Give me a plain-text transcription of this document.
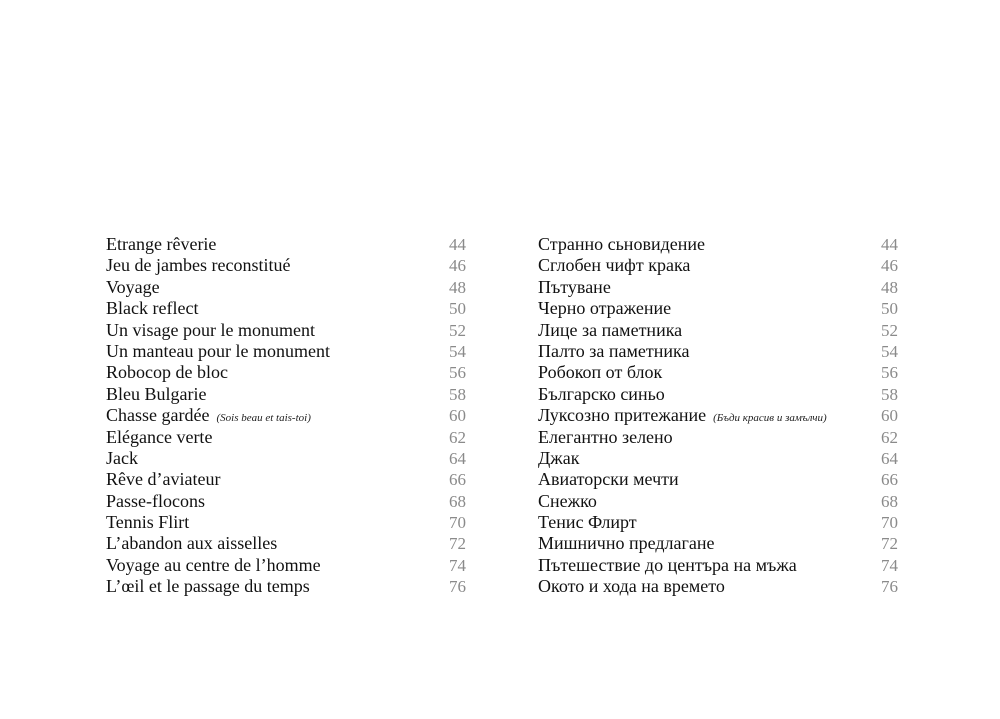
Etrange rêverie	44
Jeu de jambes reconstitué	46
Voyage	48
Black reflect	50
Un visage pour le monument	52
Un manteau pour le monument	54
Robocop de bloc	56
Bleu Bulgarie	58
Chasse gardée (Sois beau et tais-toi)	60
Elégance verte	62
Jack	64
Rêve d’aviateur	66
Passe-flocons	68
Tennis Flirt	70
L’abandon aux aisselles	72
Voyage au centre de l’homme	74
L’œil et le passage du temps	76
Странно сьновидение	44
Сглобен чифт крака	46
Пътуване	48
Черно отражение	50
Лице за паметника	52
Палто за паметника	54
Робокоп от блок	56
Българско синьо	58
Луксозно притежание (Бъди красив и замълчи)	60
Елегантно зелено	62
Джак	64
Авиаторски мечти	66
Снежко	68
Тенис Флирт	70
Мишнично предлагане	72
Пътешествие до центъра на мъжа	74
Окото и хода на времето	76
